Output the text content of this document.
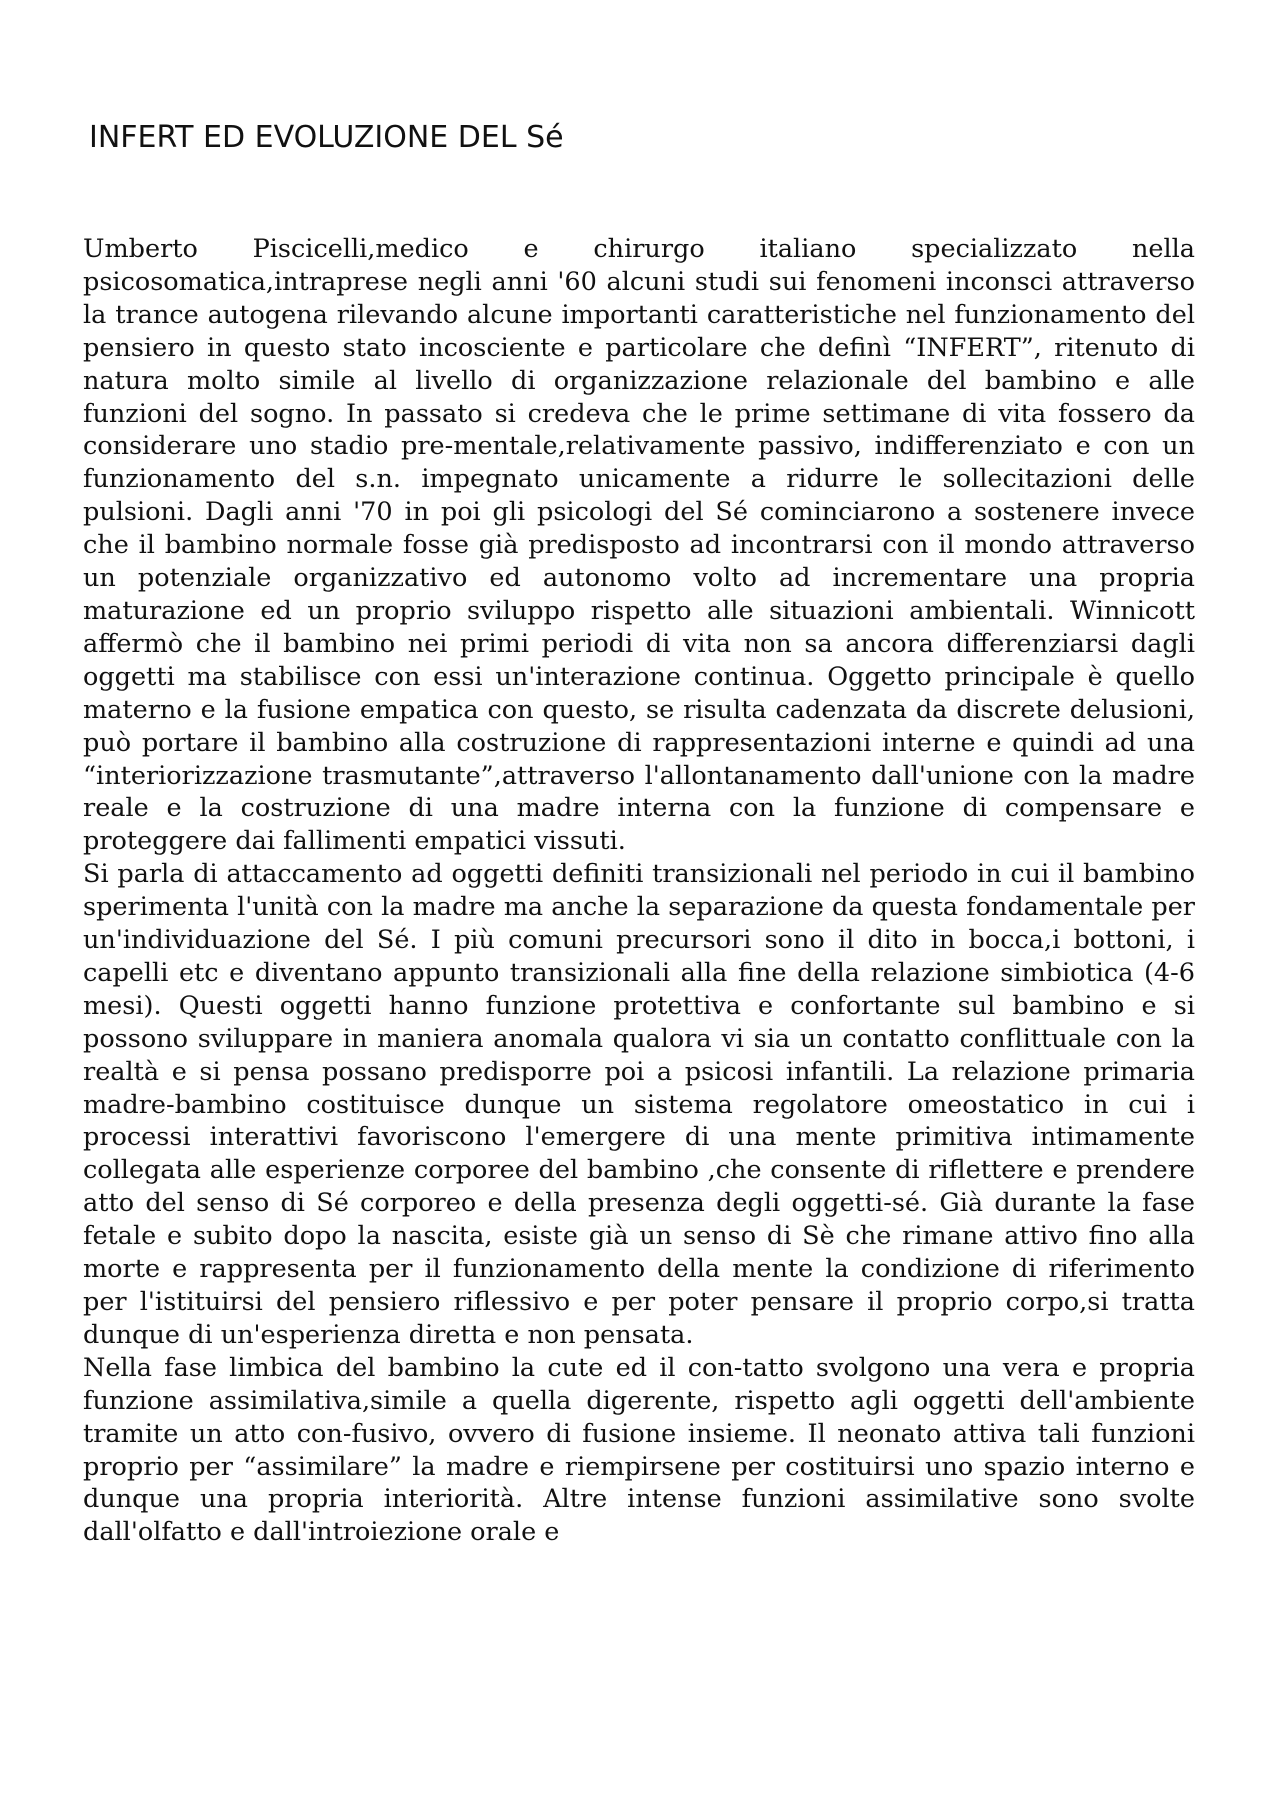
INFERT ED EVOLUZIONE DEL Sé

Umberto Piscicelli,medico e chirurgo italiano specializzato nella psicosomatica,intraprese negli anni '60 alcuni studi sui fenomeni inconsci attraverso la trance autogena rilevando alcune importanti caratteristiche nel funzionamento del pensiero in questo stato incosciente e particolare che definì “INFERT”, ritenuto di natura molto simile al livello di organizzazione relazionale del bambino e alle funzioni del sogno. In passato si credeva che le prime settimane di vita fossero da considerare uno stadio pre-mentale,relativamente passivo, indifferenziato e con un funzionamento del s.n. impegnato unicamente a ridurre le sollecitazioni delle pulsioni. Dagli anni '70 in poi gli psicologi del Sé cominciarono a sostenere invece che il bambino normale fosse già predisposto ad incontrarsi con il mondo attraverso un potenziale organizzativo ed autonomo volto ad incrementare una propria maturazione ed un proprio sviluppo rispetto alle situazioni ambientali. Winnicott affermò che il bambino nei primi periodi di vita non sa ancora differenziarsi dagli oggetti ma stabilisce con essi un'interazione continua. Oggetto principale è quello materno e la fusione empatica con questo, se risulta cadenzata da discrete delusioni, può portare il bambino alla costruzione di rappresentazioni interne e quindi ad una “interiorizzazione trasmutante”,attraverso l'allontanamento dall'unione con la madre reale e la costruzione di una madre interna con la funzione di compensare e proteggere dai fallimenti empatici vissuti.

Si parla di attaccamento ad oggetti definiti transizionali nel periodo in cui il bambino sperimenta l'unità con la madre ma anche la separazione da questa fondamentale per un'individuazione del Sé. I più comuni precursori sono il dito in bocca,i bottoni, i capelli etc e diventano appunto transizionali alla fine della relazione simbiotica (4-6 mesi). Questi oggetti hanno funzione protettiva e confortante sul bambino e si possono sviluppare in maniera anomala qualora vi sia un contatto conflittuale con la realtà e si pensa possano predisporre poi a psicosi infantili. La relazione primaria madre-bambino costituisce dunque un sistema regolatore omeostatico in cui i processi interattivi favoriscono l'emergere di una mente primitiva intimamente collegata alle esperienze corporee del bambino ,che consente di riflettere e prendere atto del senso di Sé corporeo e della presenza degli oggetti-sé. Già durante la fase fetale e subito dopo la nascita, esiste già un senso di Sè che rimane attivo fino alla morte e rappresenta per il funzionamento della mente la condizione di riferimento per l'istituirsi del pensiero riflessivo e per poter pensare il proprio corpo,si tratta dunque di un'esperienza diretta e non pensata.

Nella fase limbica del bambino la cute ed il con-tatto svolgono una vera e propria funzione assimilativa,simile a quella digerente, rispetto agli oggetti dell'ambiente tramite un atto con-fusivo, ovvero di fusione insieme. Il neonato attiva tali funzioni proprio per “assimilare” la madre e riempirsene per costituirsi uno spazio interno e dunque una propria interiorità. Altre intense funzioni assimilative sono svolte dall'olfatto e dall'introiezione orale e
